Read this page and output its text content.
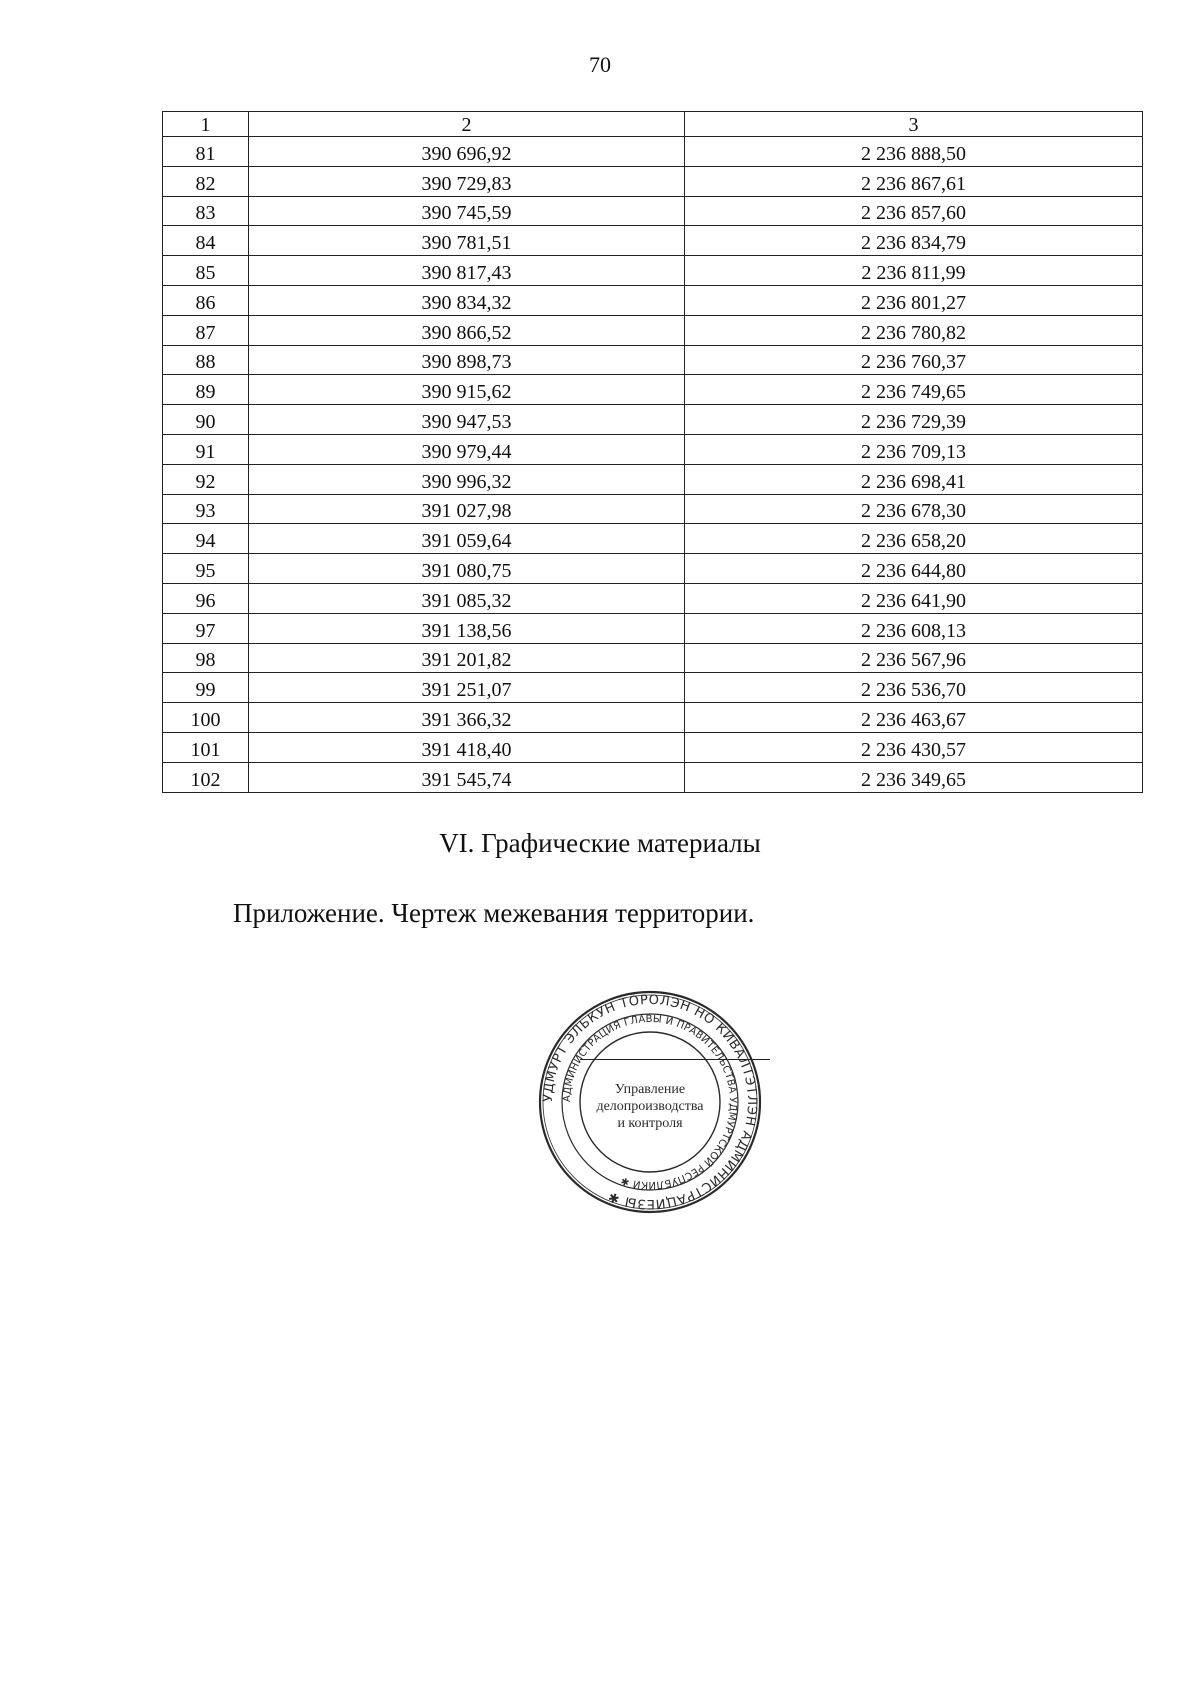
70
1	2	3
81	390 696,92	2 236 888,50
82	390 729,83	2 236 867,61
83	390 745,59	2 236 857,60
84	390 781,51	2 236 834,79
85	390 817,43	2 236 811,99
86	390 834,32	2 236 801,27
87	390 866,52	2 236 780,82
88	390 898,73	2 236 760,37
89	390 915,62	2 236 749,65
90	390 947,53	2 236 729,39
91	390 979,44	2 236 709,13
92	390 996,32	2 236 698,41
93	391 027,98	2 236 678,30
94	391 059,64	2 236 658,20
95	391 080,75	2 236 644,80
96	391 085,32	2 236 641,90
97	391 138,56	2 236 608,13
98	391 201,82	2 236 567,96
99	391 251,07	2 236 536,70
100	391 366,32	2 236 463,67
101	391 418,40	2 236 430,57
102	391 545,74	2 236 349,65
VI. Графические материалы
Приложение. Чертеж межевания территории.
УДМУРТ ЭЛЬКУН ТӦРОЛЭН НО КИВАЛТЭТЛЭН АДМИНИСТРАЦИЕЗЫ ✱
АДМИНИСТРАЦИЯ ГЛАВЫ И ПРАВИТЕЛЬСТВА УДМУРТСКОЙ РЕСПУБЛИКИ ✱
Управление
делопроизводства
и контроля
